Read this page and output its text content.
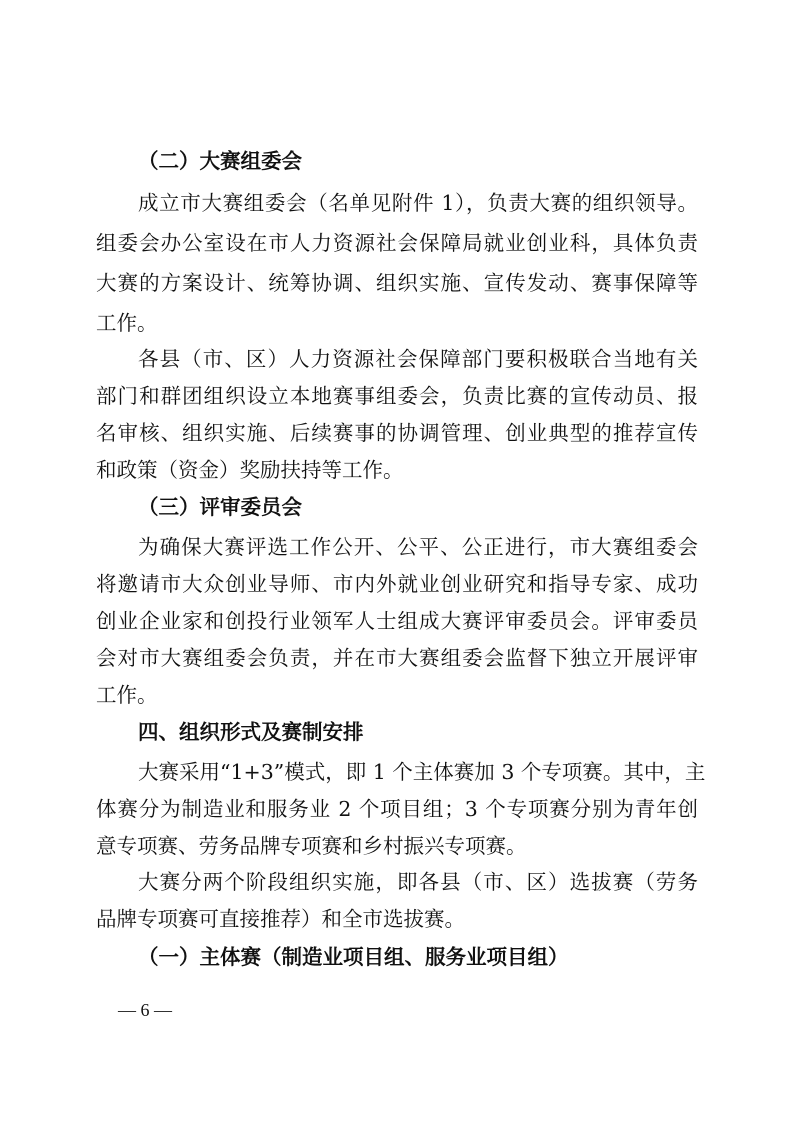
（二）大赛组委会
成立市大赛组委会（名单见附件 1），负责大赛的组织领导。
组委会办公室设在市人力资源社会保障局就业创业科，具体负责
大赛的方案设计、统筹协调、组织实施、宣传发动、赛事保障等
工作。
各县（市、区）人力资源社会保障部门要积极联合当地有关
部门和群团组织设立本地赛事组委会，负责比赛的宣传动员、报
名审核、组织实施、后续赛事的协调管理、创业典型的推荐宣传
和政策（资金）奖励扶持等工作。
（三）评审委员会
为确保大赛评选工作公开、公平、公正进行，市大赛组委会
将邀请市大众创业导师、市内外就业创业研究和指导专家、成功
创业企业家和创投行业领军人士组成大赛评审委员会。评审委员
会对市大赛组委会负责，并在市大赛组委会监督下独立开展评审
工作。
四、组织形式及赛制安排
大赛采用“1+3”模式，即 1 个主体赛加 3 个专项赛。其中，主
体赛分为制造业和服务业 2 个项目组；3 个专项赛分别为青年创
意专项赛、劳务品牌专项赛和乡村振兴专项赛。
大赛分两个阶段组织实施，即各县（市、区）选拔赛（劳务
品牌专项赛可直接推荐）和全市选拔赛。
（一）主体赛（制造业项目组、服务业项目组）
— 6 —
